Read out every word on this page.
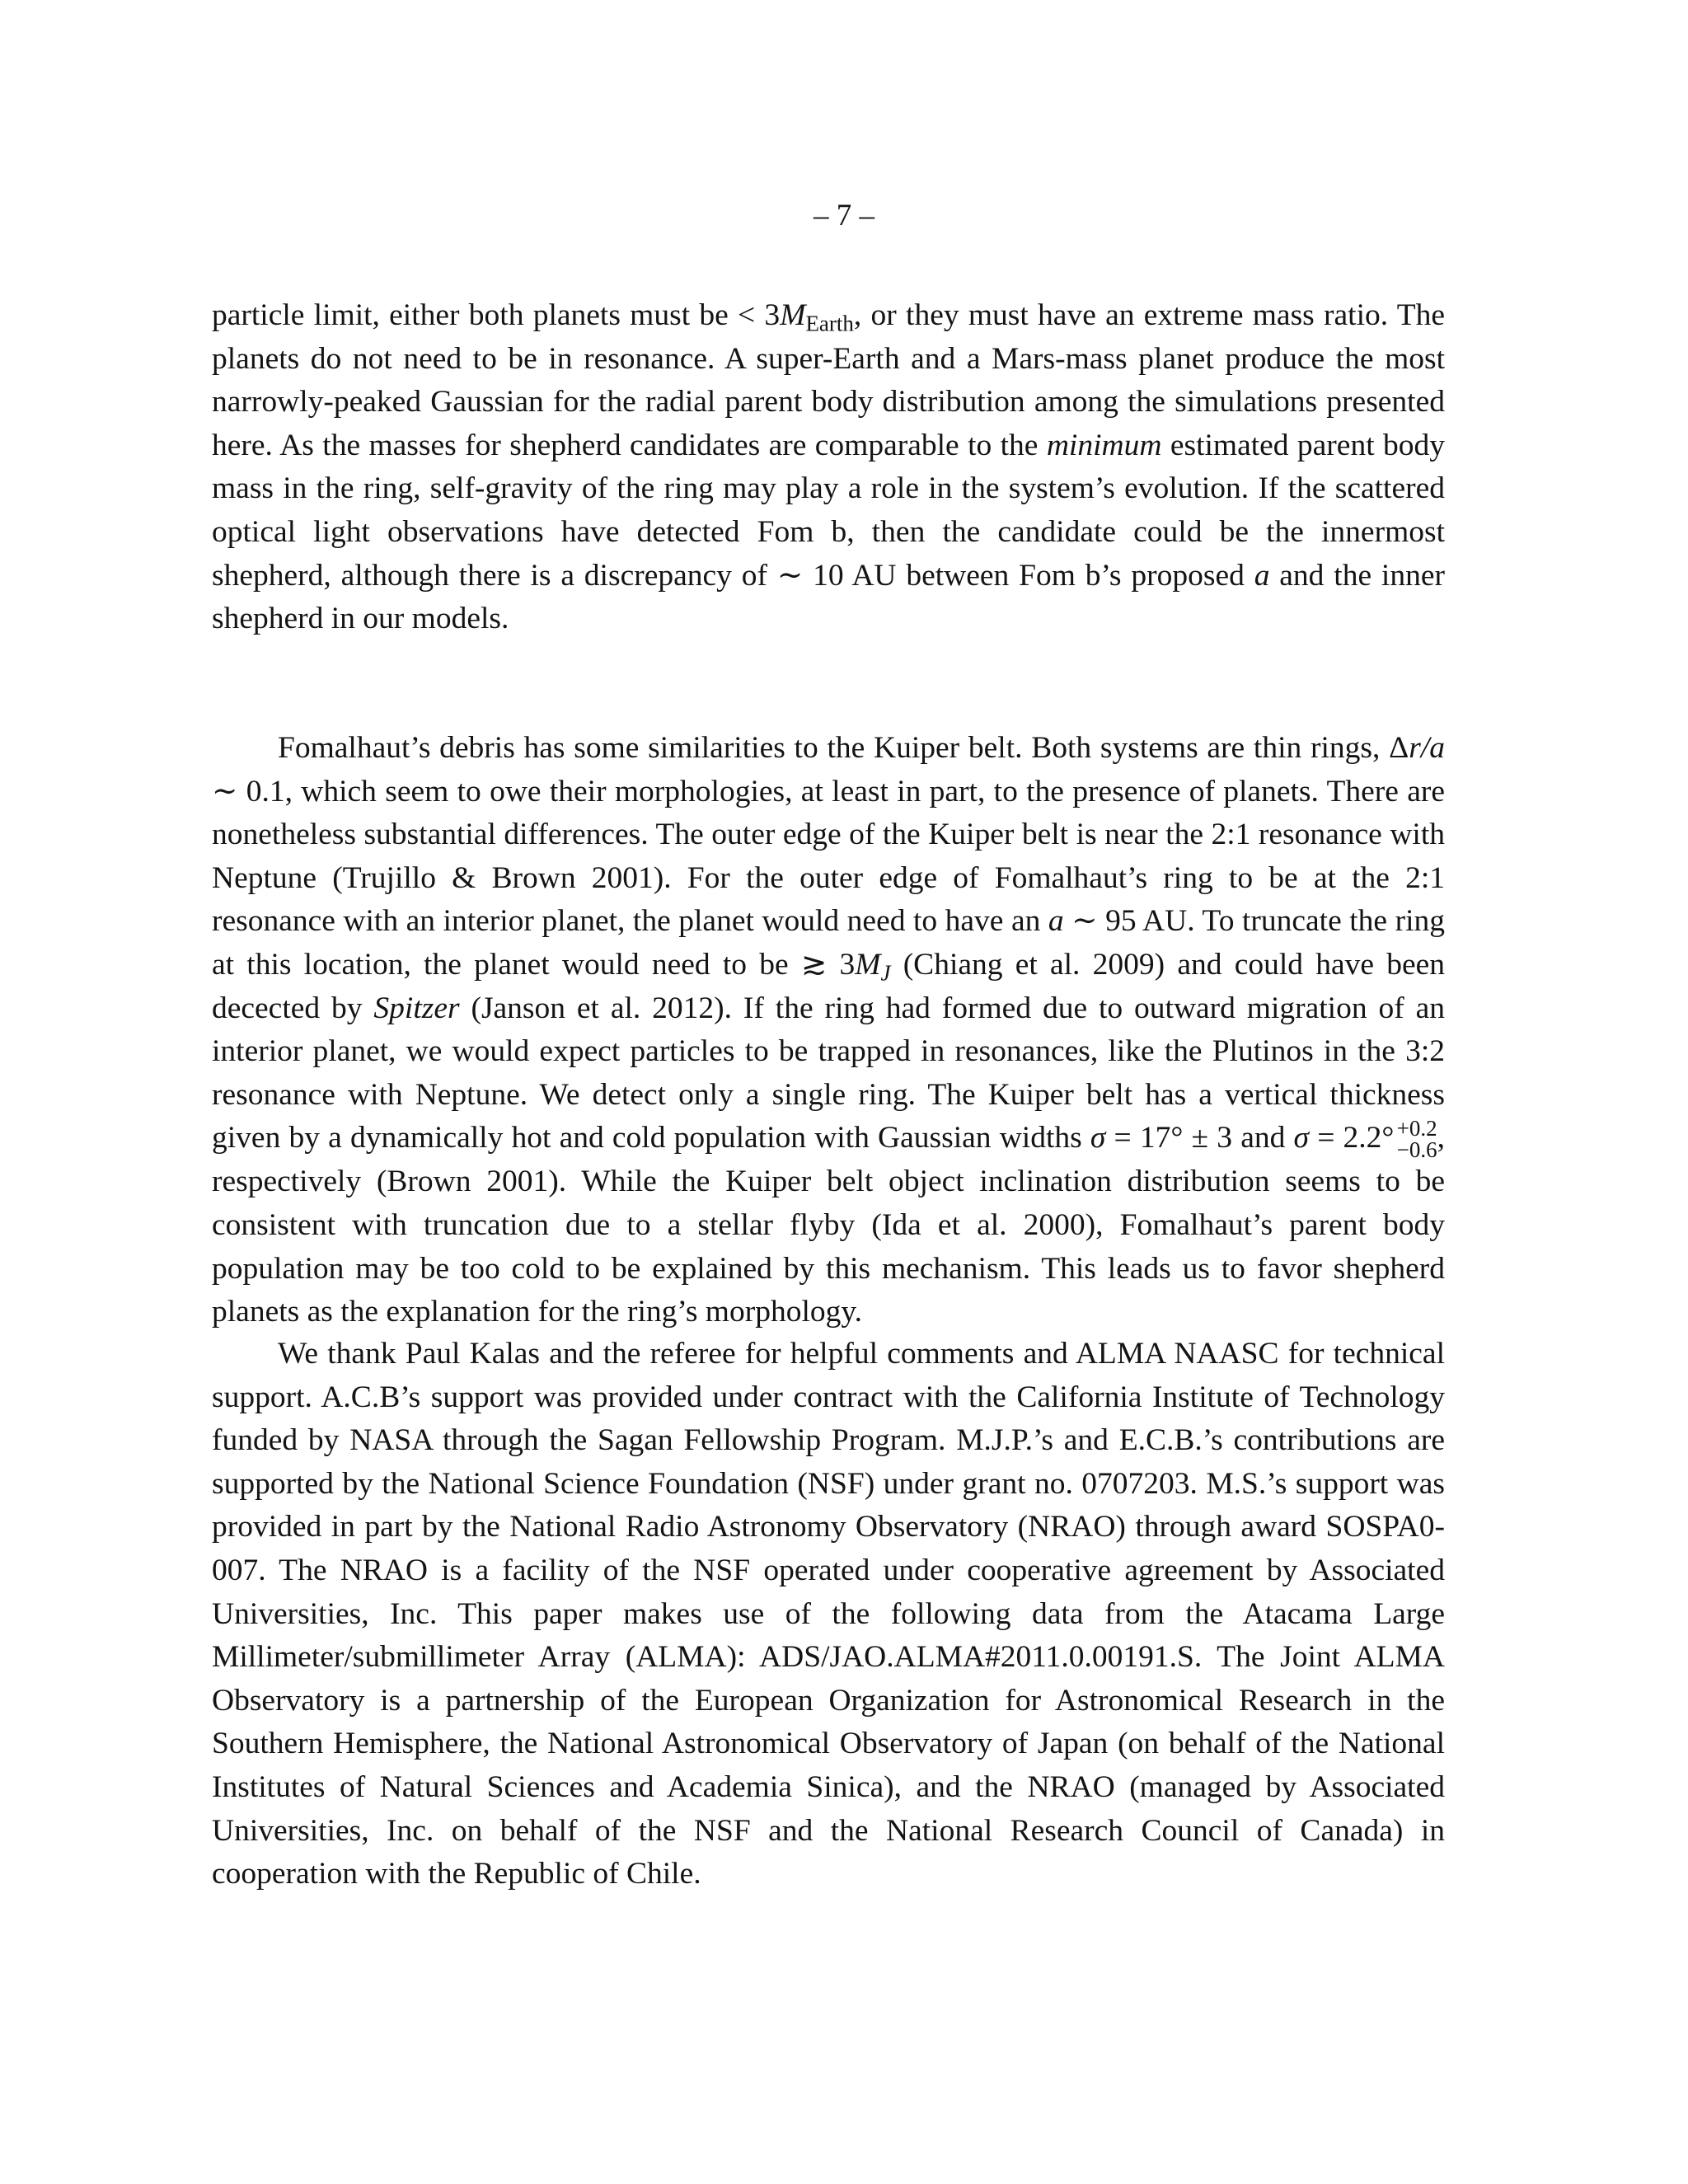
– 7 –

particle limit, either both planets must be < $3M_{Earth}$, or they must have an extreme mass ratio. The planets do not need to be in resonance. A super-Earth and a Mars-mass planet produce the most narrowly-peaked Gaussian for the radial parent body distribution among the simulations presented here. As the masses for shepherd candidates are comparable to the minimum estimated parent body mass in the ring, self-gravity of the ring may play a role in the system’s evolution. If the scattered optical light observations have detected Fom b, then the candidate could be the innermost shepherd, although there is a discrepancy of ∼ 10 AU between Fom b’s proposed a and the inner shepherd in our models.

Fomalhaut’s debris has some similarities to the Kuiper belt. Both systems are thin rings, Δr/a ∼ 0.1, which seem to owe their morphologies, at least in part, to the presence of planets. There are nonetheless substantial differences. The outer edge of the Kuiper belt is near the 2:1 resonance with Neptune (Trujillo & Brown 2001). For the outer edge of Fomalhaut’s ring to be at the 2:1 resonance with an interior planet, the planet would need to have an a ∼ 95 AU. To truncate the ring at this location, the planet would need to be ≳ $3M_J$ (Chiang et al. 2009) and could have been decected by Spitzer (Janson et al. 2012). If the ring had formed due to outward migration of an interior planet, we would expect particles to be trapped in resonances, like the Plutinos in the 3:2 resonance with Neptune. We detect only a single ring. The Kuiper belt has a vertical thickness given by a dynamically hot and cold population with Gaussian widths σ = 17° ± 3 and σ = 2.2° +0.2
−0.6 , respectively (Brown 2001). While the Kuiper belt object inclination distribution seems to be consistent with truncation due to a stellar flyby (Ida et al. 2000), Fomalhaut’s parent body population may be too cold to be explained by this mechanism. This leads us to favor shepherd planets as the explanation for the ring’s morphology.

We thank Paul Kalas and the referee for helpful comments and ALMA NAASC for technical support. A.C.B’s support was provided under contract with the California Institute of Technology funded by NASA through the Sagan Fellowship Program. M.J.P.’s and E.C.B.’s contributions are supported by the National Science Foundation (NSF) under grant no. 0707203. M.S.’s support was provided in part by the National Radio Astronomy Observatory (NRAO) through award SOSPA0-007. The NRAO is a facility of the NSF operated under cooperative agreement by Associated Universities, Inc. This paper makes use of the following data from the Atacama Large Millimeter/submillimeter Array (ALMA): ADS/JAO.ALMA#2011.0.00191.S. The Joint ALMA Observatory is a partnership of the European Organization for Astronomical Research in the Southern Hemisphere, the National Astronomical Observatory of Japan (on behalf of the National Institutes of Natural Sciences and Academia Sinica), and the NRAO (managed by Associated Universities, Inc. on behalf of the NSF and the National Research Council of Canada) in cooperation with the Republic of Chile.
